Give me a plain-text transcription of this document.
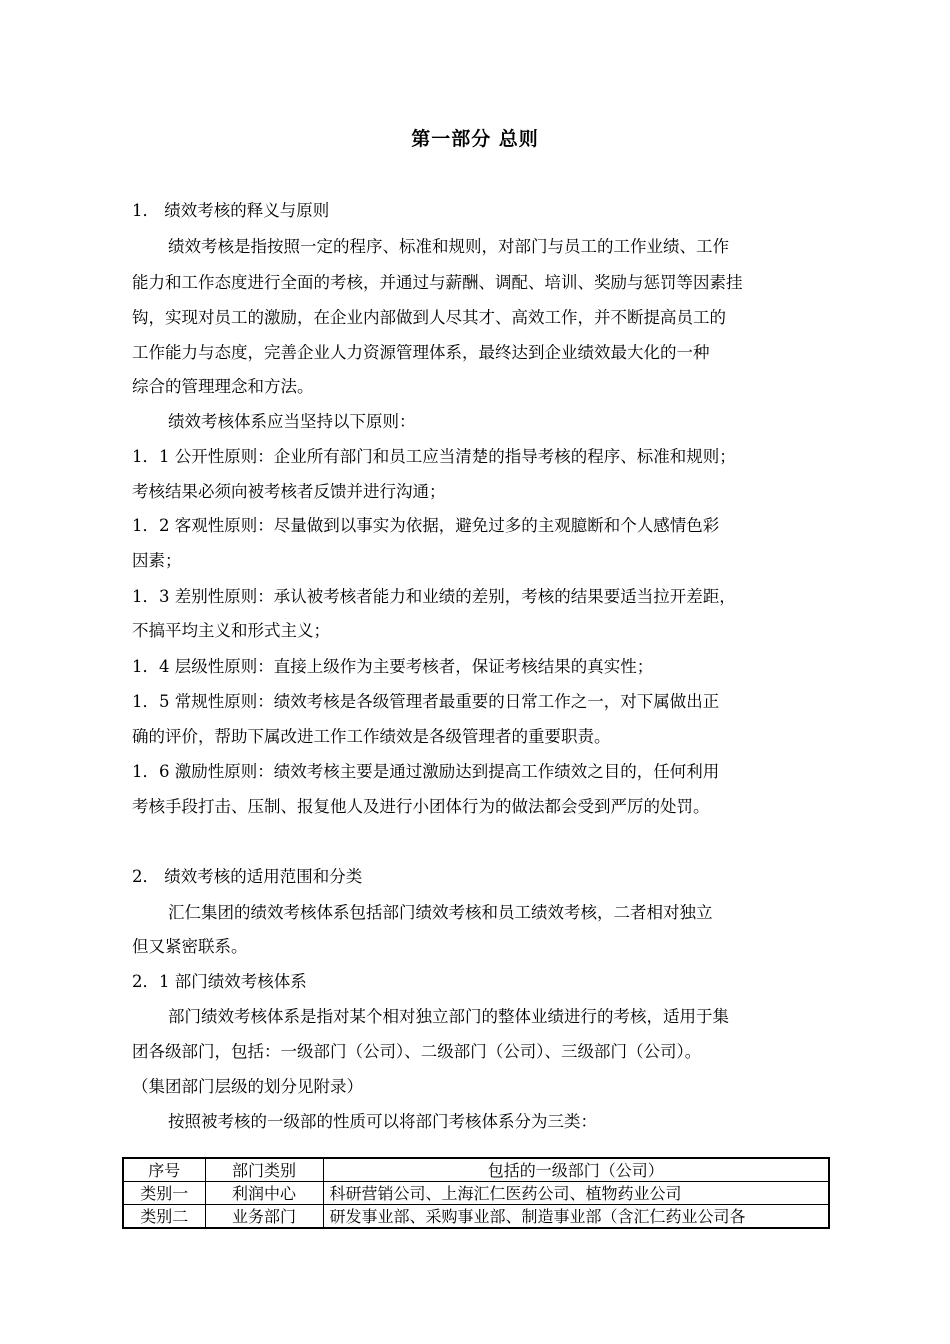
第一部分 总则
1． 绩效考核的释义与原则
绩效考核是指按照一定的程序、标准和规则，对部门与员工的工作业绩、工作
能力和工作态度进行全面的考核，并通过与薪酬、调配、培训、奖励与惩罚等因素挂
钩，实现对员工的激励，在企业内部做到人尽其才、高效工作，并不断提高员工的
工作能力与态度，完善企业人力资源管理体系，最终达到企业绩效最大化的一种
综合的管理理念和方法。
绩效考核体系应当坚持以下原则：
1．1 公开性原则：企业所有部门和员工应当清楚的指导考核的程序、标准和规则；
考核结果必须向被考核者反馈并进行沟通；
1．2 客观性原则：尽量做到以事实为依据，避免过多的主观臆断和个人感情色彩
因素；
1．3 差别性原则：承认被考核者能力和业绩的差别，考核的结果要适当拉开差距，
不搞平均主义和形式主义；
1．4 层级性原则：直接上级作为主要考核者，保证考核结果的真实性；
1．5 常规性原则：绩效考核是各级管理者最重要的日常工作之一，对下属做出正
确的评价，帮助下属改进工作工作绩效是各级管理者的重要职责。
1．6 激励性原则：绩效考核主要是通过激励达到提高工作绩效之目的，任何利用
考核手段打击、压制、报复他人及进行小团体行为的做法都会受到严厉的处罚。
2． 绩效考核的适用范围和分类
汇仁集团的绩效考核体系包括部门绩效考核和员工绩效考核，二者相对独立
但又紧密联系。
2．1 部门绩效考核体系
部门绩效考核体系是指对某个相对独立部门的整体业绩进行的考核，适用于集
团各级部门，包括：一级部门（公司）、二级部门（公司）、三级部门（公司）。
（集团部门层级的划分见附录）
按照被考核的一级部的性质可以将部门考核体系分为三类：
序号	部门类别	包括的一级部门（公司）
类别一	利润中心	科研营销公司、上海汇仁医药公司、植物药业公司
类别二	业务部门	研发事业部、采购事业部、制造事业部（含汇仁药业公司各
